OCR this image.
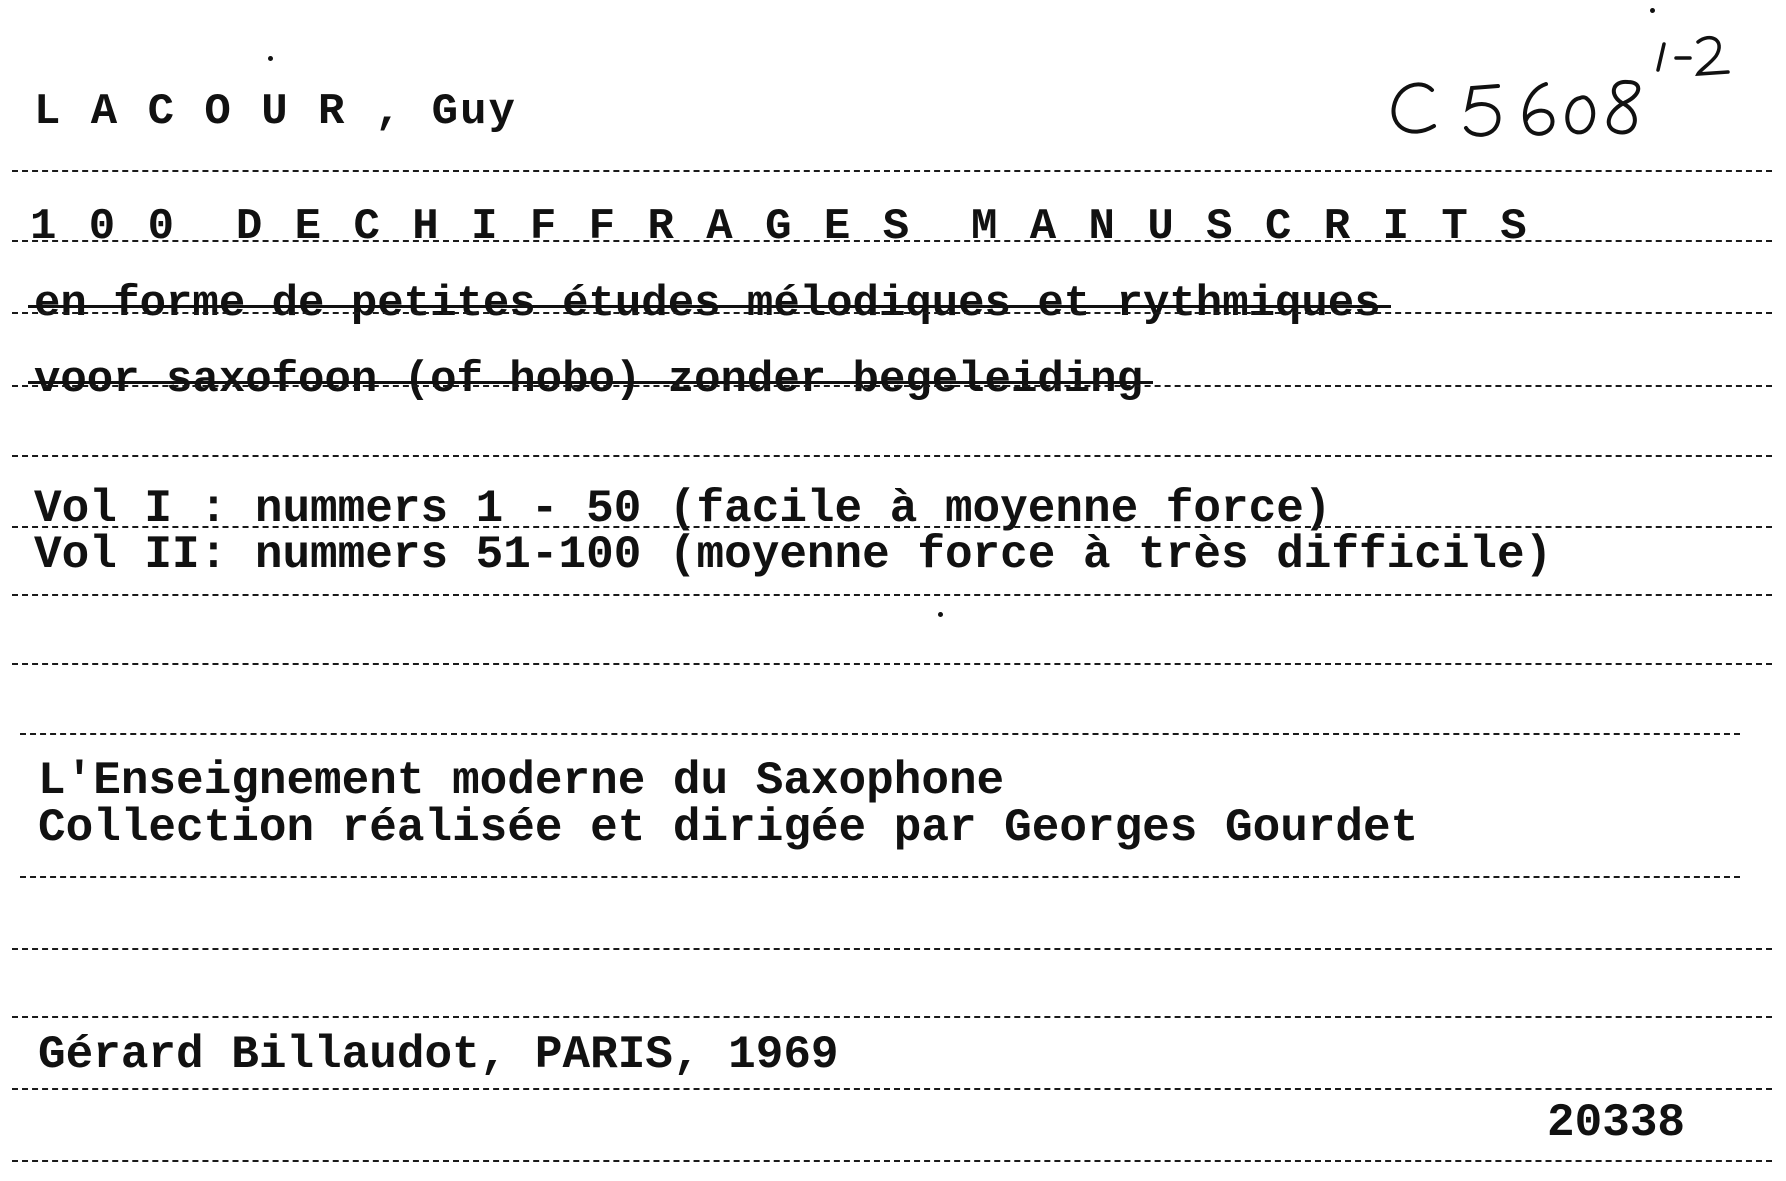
L A C O U R , Guy
1 0 0  D E C H I F F R A G E S  M A N U S C R I T S
en forme de petites études mélodiques et rythmiques
voor saxofoon (of hobo) zonder begeleiding
Vol I : nummers 1 - 50 (facile à moyenne force)
Vol II: nummers 51-100 (moyenne force à très difficile)
L'Enseignement moderne du Saxophone
Collection réalisée et dirigée par Georges Gourdet
Gérard Billaudot, PARIS, 1969
20338
